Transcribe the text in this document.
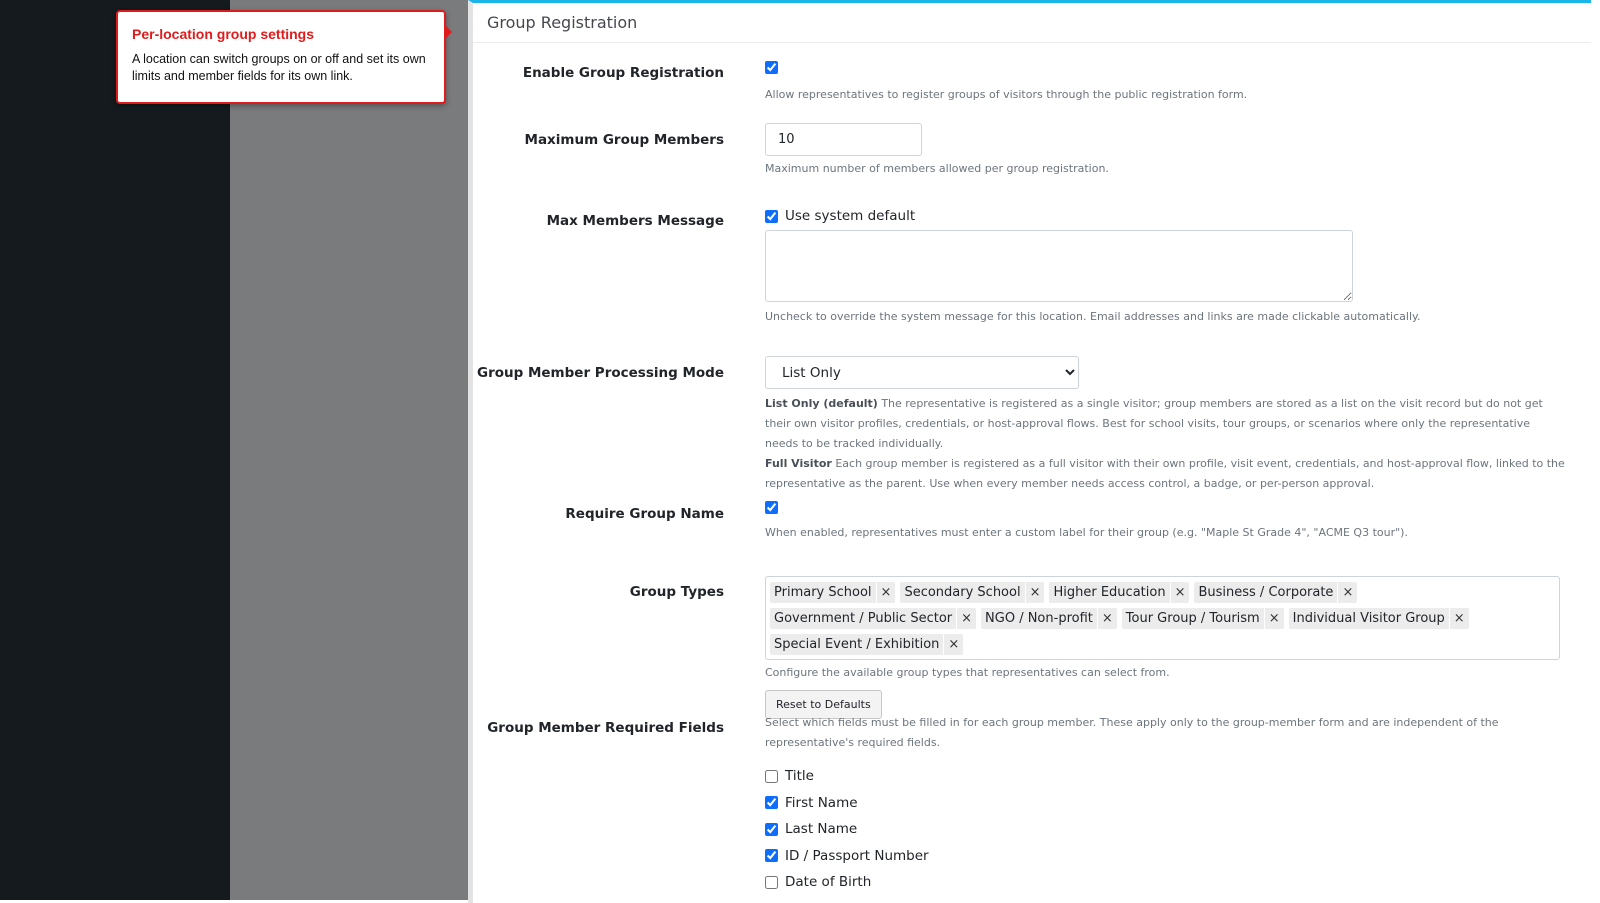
Per-location group settings
A location can switch groups on or off and set its own limits and member fields for its own link.
Group Registration
Enable Group Registration
Allow representatives to register groups of visitors through the public registration form.
Maximum Group Members
10
Maximum number of members allowed per group registration.
Max Members Message	Use system default
Uncheck to override the system message for this location. Email addresses and links are made clickable automatically.
Group Member Processing Mode
List Only
List Only (default) The representative is registered as a single visitor; group members are stored as a list on the visit record but do not get their own visitor profiles, credentials, or host-approval flows. Best for school visits, tour groups, or scenarios where only the representative needs to be tracked individually.
Full Visitor Each group member is registered as a full visitor with their own profile, visit event, credentials, and host-approval flow, linked to the representative as the parent. Use when every member needs access control, a badge, or per-person approval.
Require Group Name
When enabled, representatives must enter a custom label for their group (e.g. "Maple St Grade 4", "ACME Q3 tour").
Group Types	Primary School ×	Secondary School ×	Higher Education ×	Business / Corporate ×
Government / Public Sector ×	NGO / Non-profit ×	Tour Group / Tourism ×	Individual Visitor Group ×
Special Event / Exhibition ×
Configure the available group types that representatives can select from.
Reset to Defaults
Group Member Required Fields	Select which fields must be filled in for each group member. These apply only to the group-member form and are independent of the representative's required fields.
Title
First Name
Last Name
ID / Passport Number
Date of Birth
